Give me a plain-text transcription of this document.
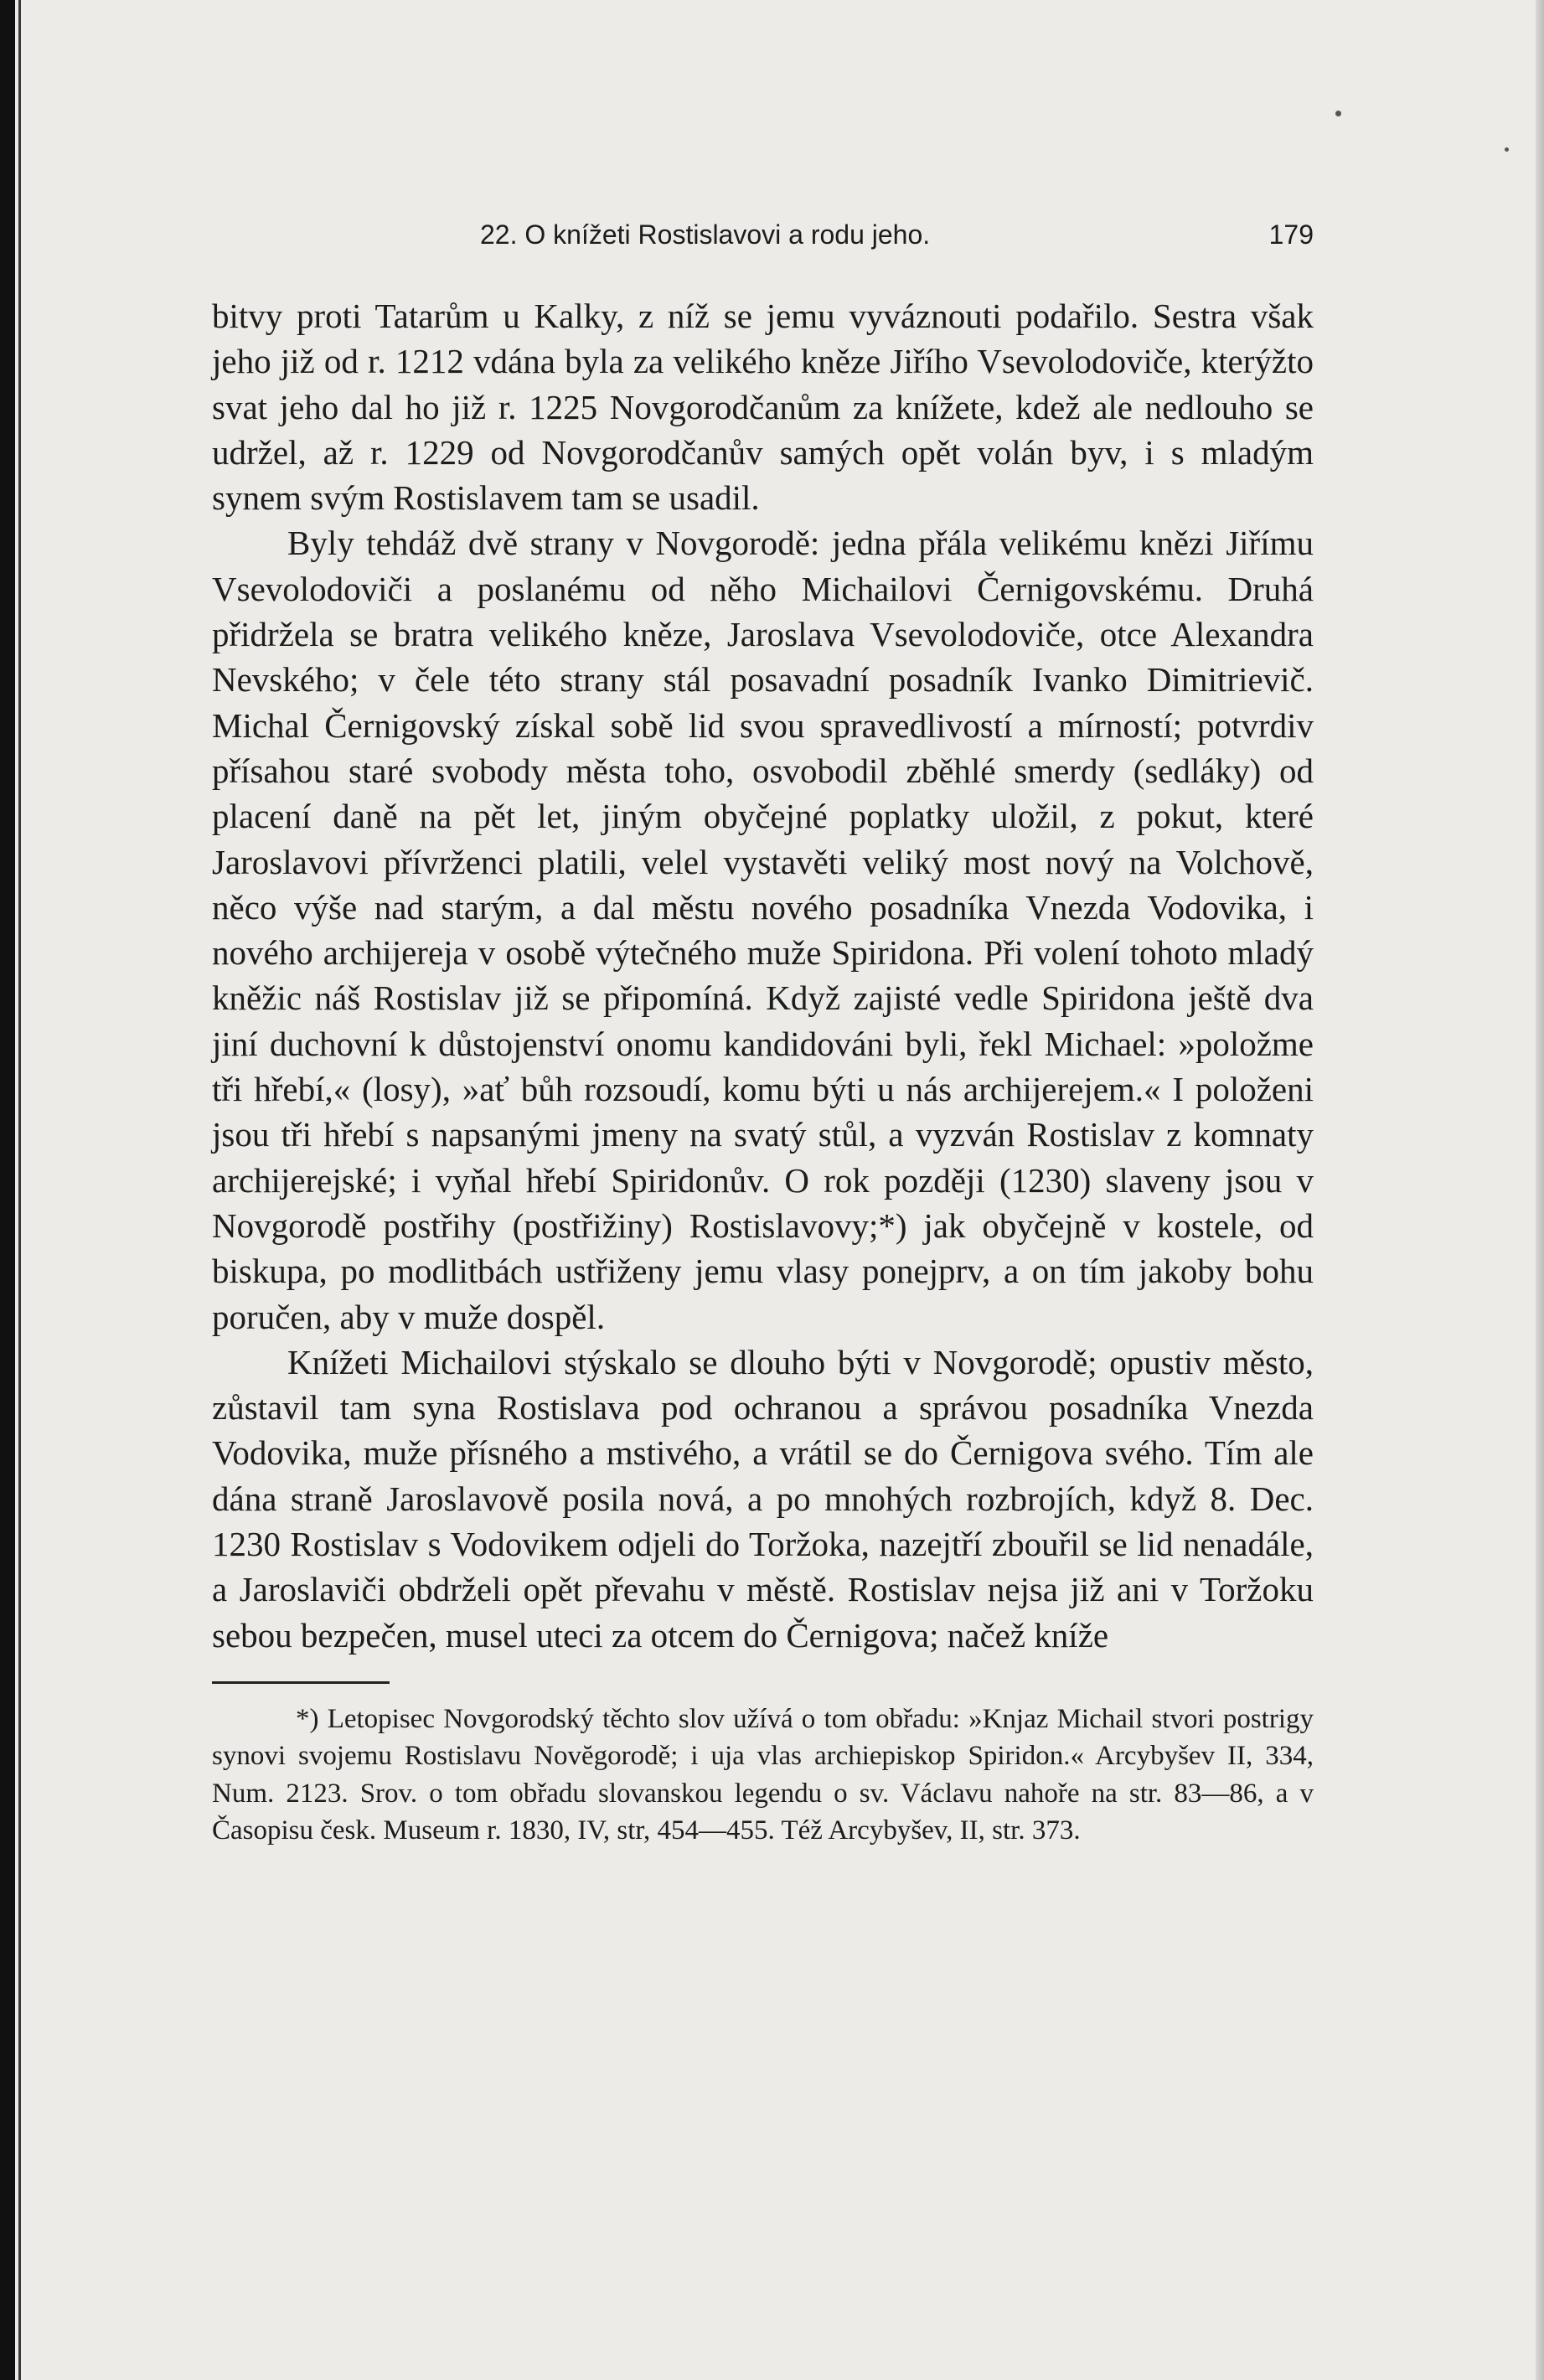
22. O knížeti Rostislavovi a rodu jeho.	179

bitvy proti Tatarům u Kalky, z níž se jemu vyváznouti podařilo. Sestra však jeho již od r. 1212 vdána byla za velikého kněze Jiřího Vsevolodoviče, kterýžto svat jeho dal ho již r. 1225 Novgorodčanům za knížete, kdež ale nedlouho se udržel, až r. 1229 od Novgorodčanův samých opět volán byv, i s mladým synem svým Rostislavem tam se usadil.

Byly tehdáž dvě strany v Novgorodě: jedna přála velikému knězi Jiřímu Vsevolodoviči a poslanému od něho Michailovi Černigovskému. Druhá přidržela se bratra velikého kněze, Jaroslava Vsevolodoviče, otce Alexandra Nevského; v čele této strany stál posavadní posadník Ivanko Dimitrievič. Michal Černigovský získal sobě lid svou spravedlivostí a mírností; potvrdiv přísahou staré svobody města toho, osvobodil zběhlé smerdy (sedláky) od placení daně na pět let, jiným obyčejné poplatky uložil, z pokut, které Jaroslavovi přívrženci platili, velel vystavěti veliký most nový na Volchově, něco výše nad starým, a dal městu nového posadníka Vnezda Vodovika, i nového archijereja v osobě výtečného muže Spiridona. Při volení tohoto mladý kněžic náš Rostislav již se připomíná. Když zajisté vedle Spiridona ještě dva jiní duchovní k důstojenství onomu kandidováni byli, řekl Michael: »položme tři hřebí,« (losy), »ať bůh rozsoudí, komu býti u nás archijerejem.« I položeni jsou tři hřebí s napsanými jmeny na svatý stůl, a vyzván Rostislav z komnaty archijerejské; i vyňal hřebí Spiridonův. O rok později (1230) slaveny jsou v Novgorodě postřihy (postřižiny) Rostislavovy;*) jak obyčejně v kostele, od biskupa, po modlitbách ustřiženy jemu vlasy ponejprv, a on tím jakoby bohu poručen, aby v muže dospěl.

Knížeti Michailovi stýskalo se dlouho býti v Novgorodě; opustiv město, zůstavil tam syna Rostislava pod ochranou a správou posadníka Vnezda Vodovika, muže přísného a mstivého, a vrátil se do Černigova svého. Tím ale dána straně Jaroslavově posila nová, a po mnohých rozbrojích, když 8. Dec. 1230 Rostislav s Vodovikem odjeli do Toržoka, nazejtří zbouřil se lid nenadále, a Jaroslaviči obdrželi opět převahu v městě. Rostislav nejsa již ani v Toržoku sebou bezpečen, musel uteci za otcem do Černigova; načež kníže

*) Letopisec Novgorodský těchto slov užívá o tom obřadu: »Knjaz Michail stvori postrigy synovi svojemu Rostislavu Novĕgorodě; i uja vlas archiepiskop Spiridon.« Arcybyšev II, 334, Num. 2123. Srov. o tom obřadu slovanskou legendu o sv. Václavu nahoře na str. 83—86, a v Časopisu česk. Museum r. 1830, IV, str, 454—455. Též Arcybyšev, II, str. 373.
